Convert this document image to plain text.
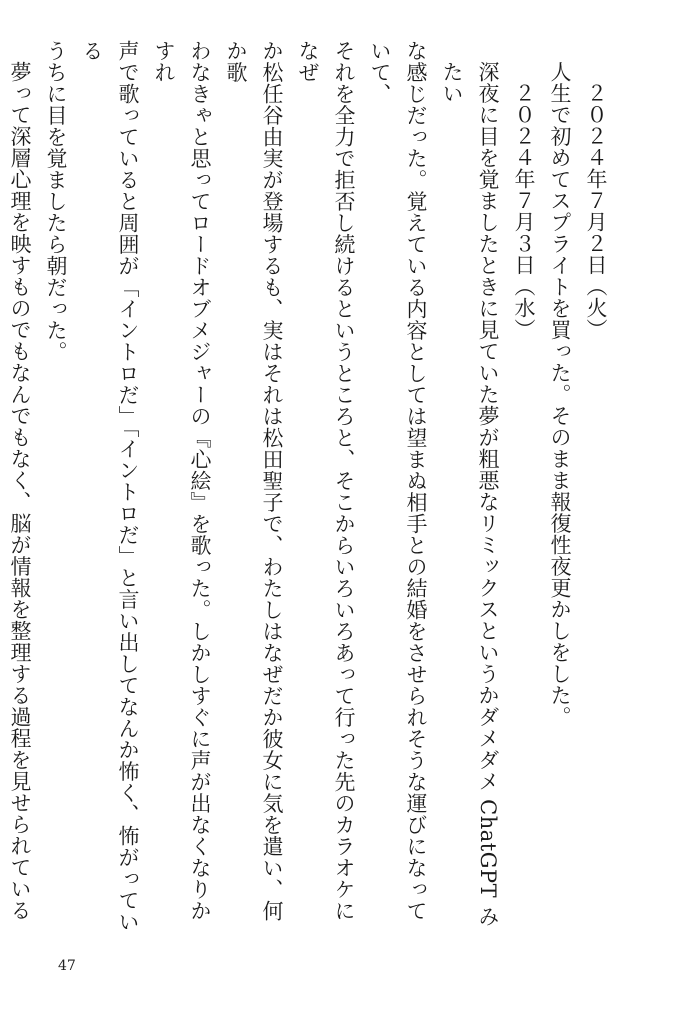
２０２４年７月２日（火）
人生で初めてスプライトを買った。そのまま報復性夜更かしをした。
２０２４年７月３日（水）
深夜に目を覚ましたときに見ていた夢が粗悪なリミックスというかダメダメ ChatGPT みたい
な感じだった。覚えている内容としては望まぬ相手との結婚をさせられそうな運びになっていて、
それを全力で拒否し続けるというところと、そこからいろいろあって行った先のカラオケになぜ
か松任谷由実が登場するも、実はそれは松田聖子で、わたしはなぜだか彼女に気を遣い、何か歌
わなきゃと思ってロードオブメジャーの『心絵』を歌った。しかしすぐに声が出なくなりかすれ
声で歌っていると周囲が「イントロだ」「イントロだ」と言い出してなんか怖く、怖がっている
うちに目を覚ましたら朝だった。
夢って深層心理を映すものでもなんでもなく、脳が情報を整理する過程を見せられている
47
